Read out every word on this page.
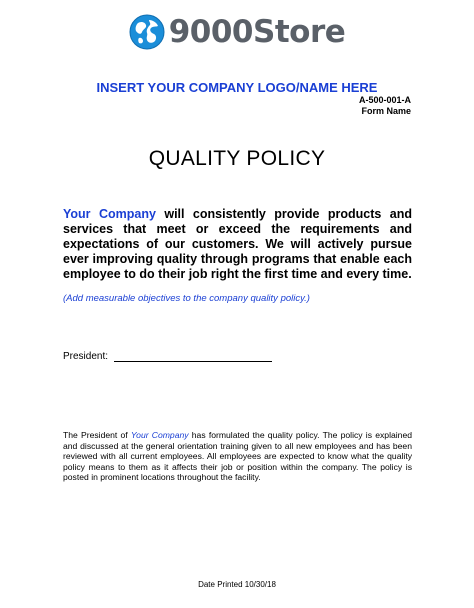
9000Store
INSERT YOUR COMPANY LOGO/NAME HERE
A-500-001-A
Form Name
QUALITY POLICY
Your Company will consistently provide products and services that meet or exceed the requirements and expectations of our customers. We will actively pursue ever improving quality through programs that enable each employee to do their job right the first time and every time.
(Add measurable objectives to the company quality policy.)
President:
The President of Your Company has formulated the quality policy. The policy is explained and discussed at the general orientation training given to all new employees and has been reviewed with all current employees. All employees are expected to know what the quality policy means to them as it affects their job or position within the company. The policy is posted in prominent locations throughout the facility.
Date Printed 10/30/18
